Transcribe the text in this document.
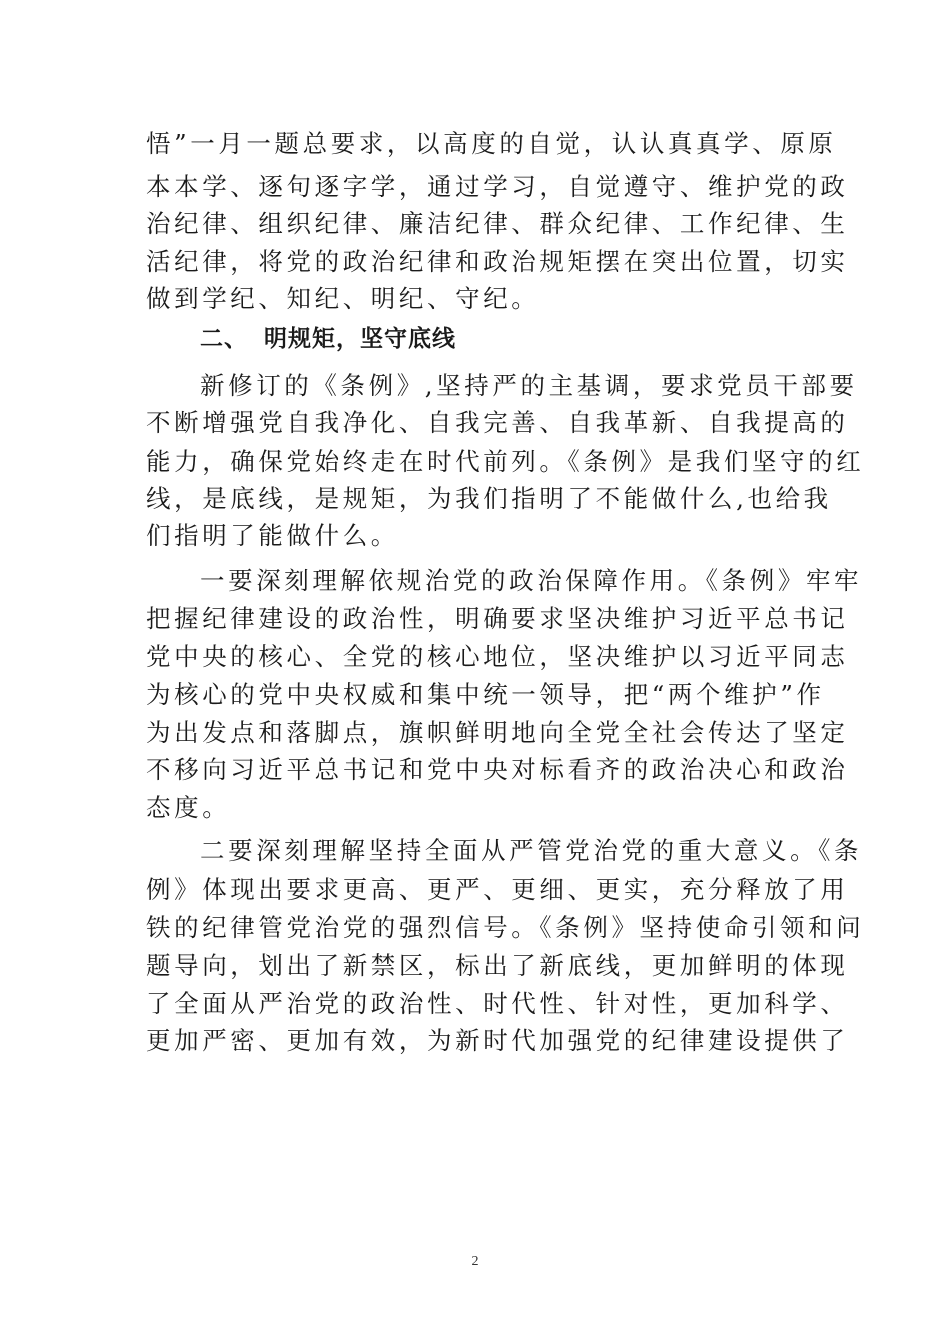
悟”一月一题总要求，以高度的自觉，认认真真学、原原
本本学、逐句逐字学，通过学习，自觉遵守、维护党的政
治纪律、组织纪律、廉洁纪律、群众纪律、工作纪律、生
活纪律，将党的政治纪律和政治规矩摆在突出位置，切实
做到学纪、知纪、明纪、守纪。
二、 明规矩，坚守底线
新修订的《条例》,坚持严的主基调，要求党员干部要
不断增强党自我净化、自我完善、自我革新、自我提高的
能力，确保党始终走在时代前列。《条例》是我们坚守的红
线，是底线，是规矩，为我们指明了不能做什么,也给我
们指明了能做什么。
一要深刻理解依规治党的政治保障作用。《条例》牢牢
把握纪律建设的政治性，明确要求坚决维护习近平总书记
党中央的核心、全党的核心地位，坚决维护以习近平同志
为核心的党中央权威和集中统一领导，把“两个维护”作
为出发点和落脚点，旗帜鲜明地向全党全社会传达了坚定
不移向习近平总书记和党中央对标看齐的政治决心和政治
态度。
二要深刻理解坚持全面从严管党治党的重大意义。《条
例》体现出要求更高、更严、更细、更实，充分释放了用
铁的纪律管党治党的强烈信号。《条例》坚持使命引领和问
题导向，划出了新禁区，标出了新底线，更加鲜明的体现
了全面从严治党的政治性、时代性、针对性，更加科学、
更加严密、更加有效，为新时代加强党的纪律建设提供了
2
